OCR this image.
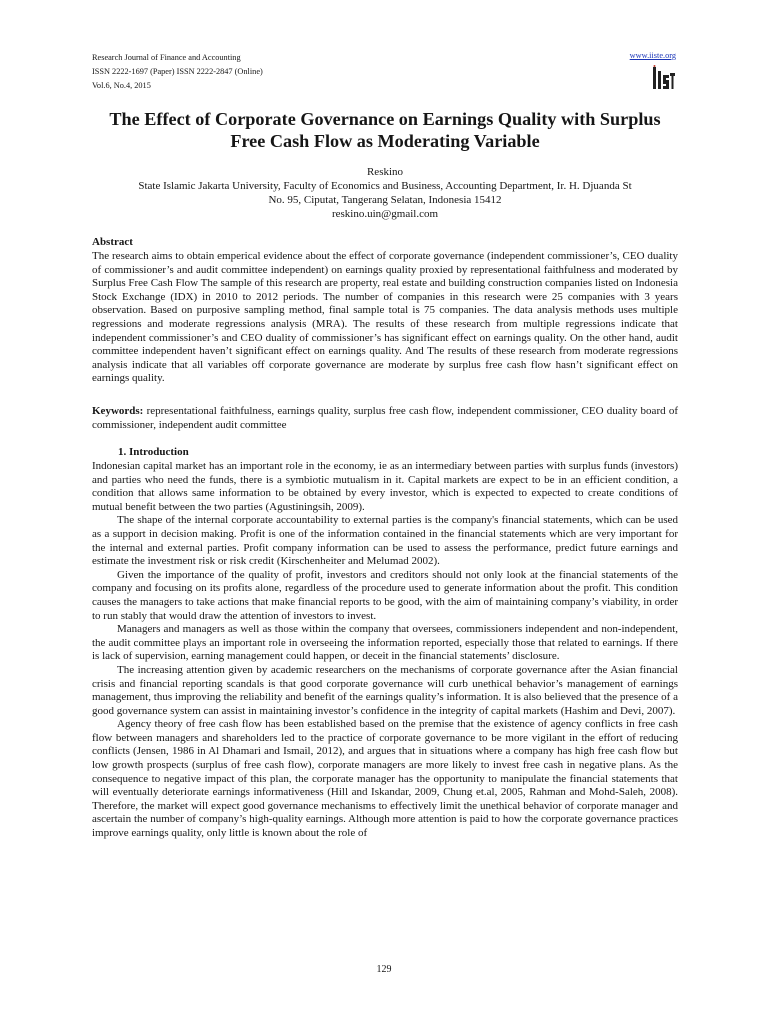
Research Journal of Finance and Accounting
ISSN 2222-1697 (Paper) ISSN 2222-2847 (Online)
Vol.6, No.4, 2015
www.iiste.org
The Effect of Corporate Governance on Earnings Quality with Surplus Free Cash Flow as Moderating Variable
Reskino
State Islamic Jakarta University, Faculty of Economics and Business, Accounting Department, Ir. H. Djuanda St
No. 95, Ciputat, Tangerang Selatan, Indonesia 15412
reskino.uin@gmail.com
Abstract
The research aims to obtain emperical evidence about the effect of corporate governance (independent commissioner’s, CEO duality of commissioner’s and audit committee independent) on earnings quality proxied by representational faithfulness and moderated by Surplus Free Cash Flow The sample of this research are property, real estate and building construction companies listed on Indonesia Stock Exchange (IDX) in 2010 to 2012 periods. The number of companies in this research were 25 companies with 3 years observation. Based on purposive sampling method, final sample total is 75 companies. The data analysis methods uses multiple regressions and moderate regressions analysis (MRA). The results of these research from multiple regressions indicate that independent commissioner’s and CEO duality of commissioner’s has significant effect on earnings quality. On the other hand, audit committee independent haven’t significant effect on earnings quality. And The results of these research from moderate regressions analysis indicate that all variables off corporate governance are moderate by surplus free cash flow hasn’t significant effect on earnings quality.
Keywords: representational faithfulness, earnings quality, surplus free cash flow, independent commissioner, CEO duality board of commissioner, independent audit committee
1. Introduction

Indonesian capital market has an important role in the economy, ie as an intermediary between parties with surplus funds (investors) and parties who need the funds, there is a symbiotic mutualism in it. Capital markets are expect to be in an efficient condition, a condition that allows same information to be obtained by every investor, which is expected to expected to create conditions of mutual benefit between the two parties (Agustiningsih, 2009).

The shape of the internal corporate accountability to external parties is the company's financial statements, which can be used as a support in decision making. Profit is one of the information contained in the financial statements which are very important for the internal and external parties. Profit company information can be used to assess the performance, predict future earnings and estimate the investment risk or risk credit (Kirschenheiter and Melumad 2002).

Given the importance of the quality of profit, investors and creditors should not only look at the financial statements of the company and focusing on its profits alone, regardless of the procedure used to generate information about the profit. This condition causes the managers to take actions that make financial reports to be good, with the aim of maintaining company’s viability, in order to run stably that would draw the attention of investors to invest.

Managers and managers as well as those within the company that oversees, commissioners independent and non-independent, the audit committee plays an important role in overseeing the information reported, especially those that related to earnings. If there is lack of supervision, earning management could happen, or deceit in the financial statements’ disclosure.

The increasing attention given by academic researchers on the mechanisms of corporate governance after the Asian financial crisis and financial reporting scandals is that good corporate governance will curb unethical behavior’s management of earnings management, thus improving the reliability and benefit of the earnings quality’s information. It is also believed that the presence of a good governance system can assist in maintaining investor’s confidence in the integrity of capital markets (Hashim and Devi, 2007).

Agency theory of free cash flow has been established based on the premise that the existence of agency conflicts in free cash flow between managers and shareholders led to the practice of corporate governance to be more vigilant in the effort of reducing conflicts (Jensen, 1986 in Al Dhamari and Ismail, 2012), and argues that in situations where a company has high free cash flow but low growth prospects (surplus of free cash flow), corporate managers are more likely to invest free cash in negative plans. As the consequence to negative impact of this plan, the corporate manager has the opportunity to manipulate the financial statements that will eventually deteriorate earnings informativeness (Hill and Iskandar, 2009, Chung et.al, 2005, Rahman and Mohd-Saleh, 2008). Therefore, the market will expect good governance mechanisms to effectively limit the unethical behavior of corporate manager and ascertain the number of company’s high-quality earnings. Although more attention is paid to how the corporate governance practices improve earnings quality, only little is known about the role of

129
